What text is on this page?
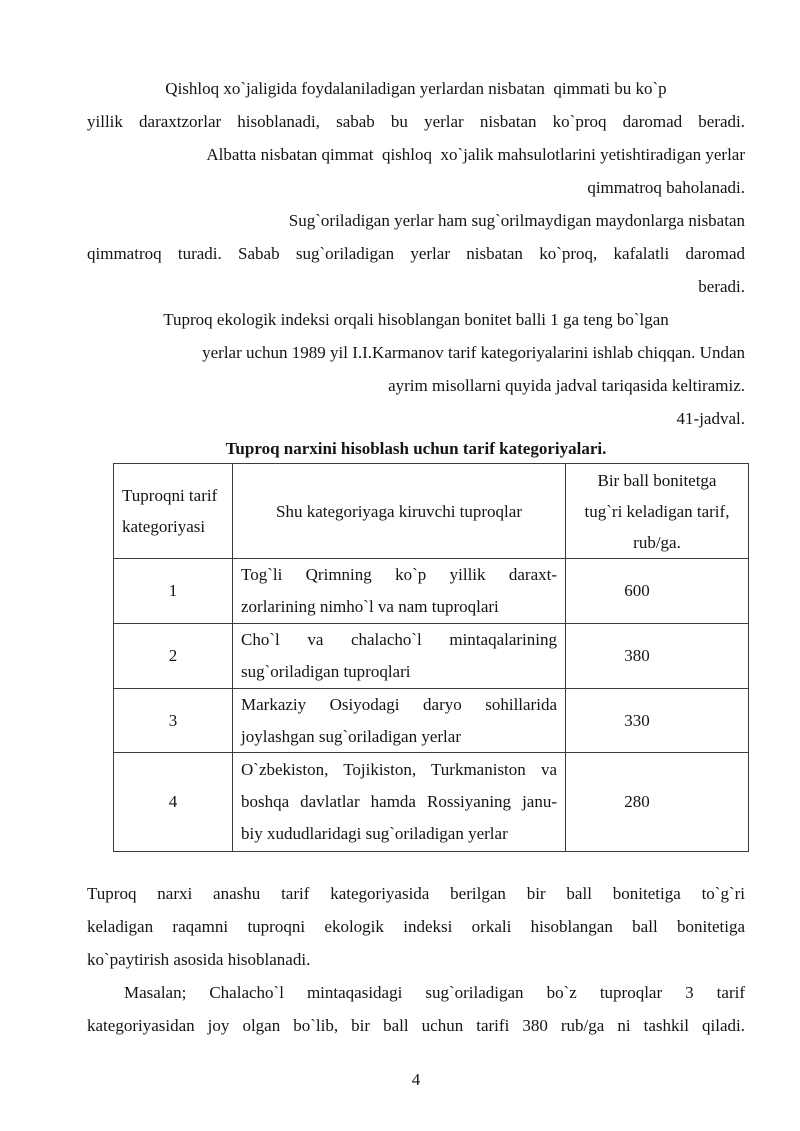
Qishloq xo`jaligida foydalaniladigan yerlardan nisbatan  qimmati bu ko`p
yillik daraxtzorlar hisoblanadi, sabab bu yerlar nisbatan ko`proq daromad beradi.
Albatta nisbatan qimmat  qishloq  xo`jalik mahsulotlarini yetishtiradigan yerlar
qimmatroq baholanadi.
Sug`oriladigan yerlar ham sug`orilmaydigan maydonlarga nisbatan
qimmatroq turadi. Sabab sug`oriladigan yerlar nisbatan ko`proq, kafalatli daromad
beradi.
Tuproq ekologik indeksi orqali hisoblangan bonitet balli 1 ga teng bo`lgan
yerlar uchun 1989 yil I.I.Karmanov tarif kategoriyalarini ishlab chiqqan. Undan
ayrim misollarni quyida jadval tariqasida keltiramiz.
41-jadval.
Tuproq narxini hisoblash uchun tarif kategoriyalari.
Tuproqni tarif
kategoriyasi
Shu kategoriyaga kiruvchi tuproqlar
Bir ball bonitetga
tug`ri keladigan tarif,
rub/ga.
1
Tog`li Qrimning ko`p yillik daraxt-
zorlarining nimho`l va nam tuproqlari
600
2
Cho`l va chalacho`l mintaqalarining
sug`oriladigan tuproqlari
380
3
Markaziy Osiyodagi daryo sohillarida
joylashgan sug`oriladigan yerlar
330
4
O`zbekiston, Tojikiston, Turkmaniston va
boshqa davlatlar hamda Rossiyaning janu-
biy xududlaridagi sug`oriladigan yerlar
280
Tuproq narxi anashu tarif kategoriyasida berilgan bir ball bonitetiga to`g`ri
keladigan raqamni tuproqni ekologik indeksi orkali hisoblangan ball bonitetiga
ko`paytirish asosida hisoblanadi.
Masalan; Chalacho`l mintaqasidagi sug`oriladigan bo`z tuproqlar 3 tarif
kategoriyasidan joy olgan bo`lib, bir ball uchun tarifi 380 rub/ga ni tashkil qiladi.
4
